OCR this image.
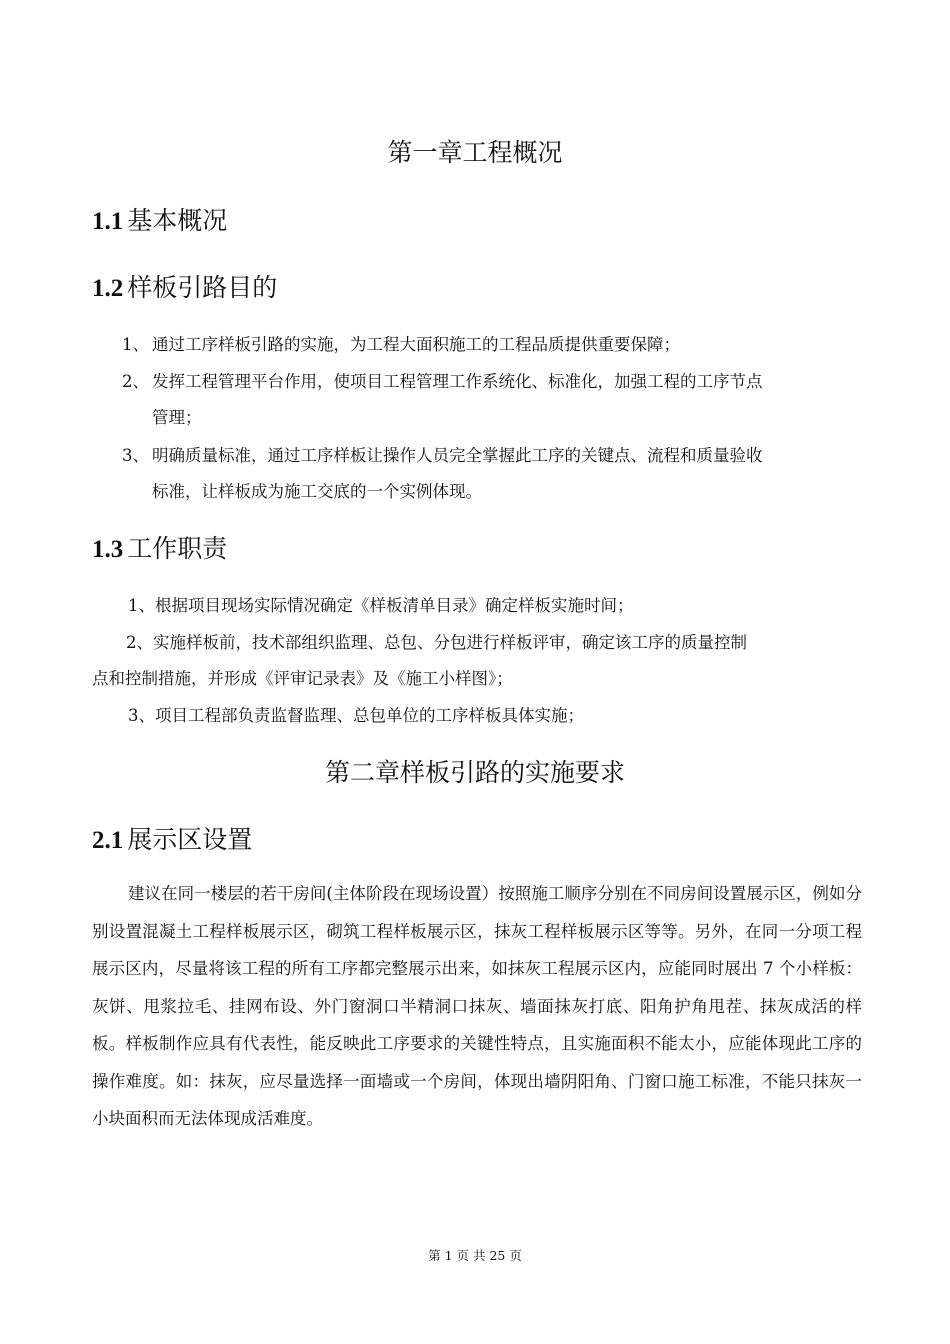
第一章工程概况
1.1 基本概况
1.2 样板引路目的
1、 通过工序样板引路的实施，为工程大面积施工的工程品质提供重要保障；
2、 发挥工程管理平台作用，使项目工程管理工作系统化、标准化，加强工程的工序节点
管理；
3、 明确质量标准，通过工序样板让操作人员完全掌握此工序的关键点、流程和质量验收
标准，让样板成为施工交底的一个实例体现。
1.3 工作职责
1、根据项目现场实际情况确定《样板清单目录》确定样板实施时间；
2、实施样板前，技术部组织监理、总包、分包进行样板评审，确定该工序的质量控制
点和控制措施，并形成《评审记录表》及《施工小样图》；
3、项目工程部负责监督监理、总包单位的工序样板具体实施；
第二章样板引路的实施要求
2.1 展示区设置
建议在同一楼层的若干房间(主体阶段在现场设置）按照施工顺序分别在不同房间设置展示区，例如分别设置混凝土工程样板展示区，砌筑工程样板展示区，抹灰工程样板展示区等等。另外，在同一分项工程展示区内，尽量将该工程的所有工序都完整展示出来，如抹灰工程展示区内，应能同时展出 7 个小样板：灰饼、甩浆拉毛、挂网布设、外门窗洞口半精洞口抹灰、墙面抹灰打底、阳角护角甩茬、抹灰成活的样板。样板制作应具有代表性，能反映此工序要求的关键性特点，且实施面积不能太小，应能体现此工序的操作难度。如：抹灰，应尽量选择一面墙或一个房间，体现出墙阴阳角、门窗口施工标准，不能只抹灰一小块面积而无法体现成活难度。
第 1 页 共 25 页
